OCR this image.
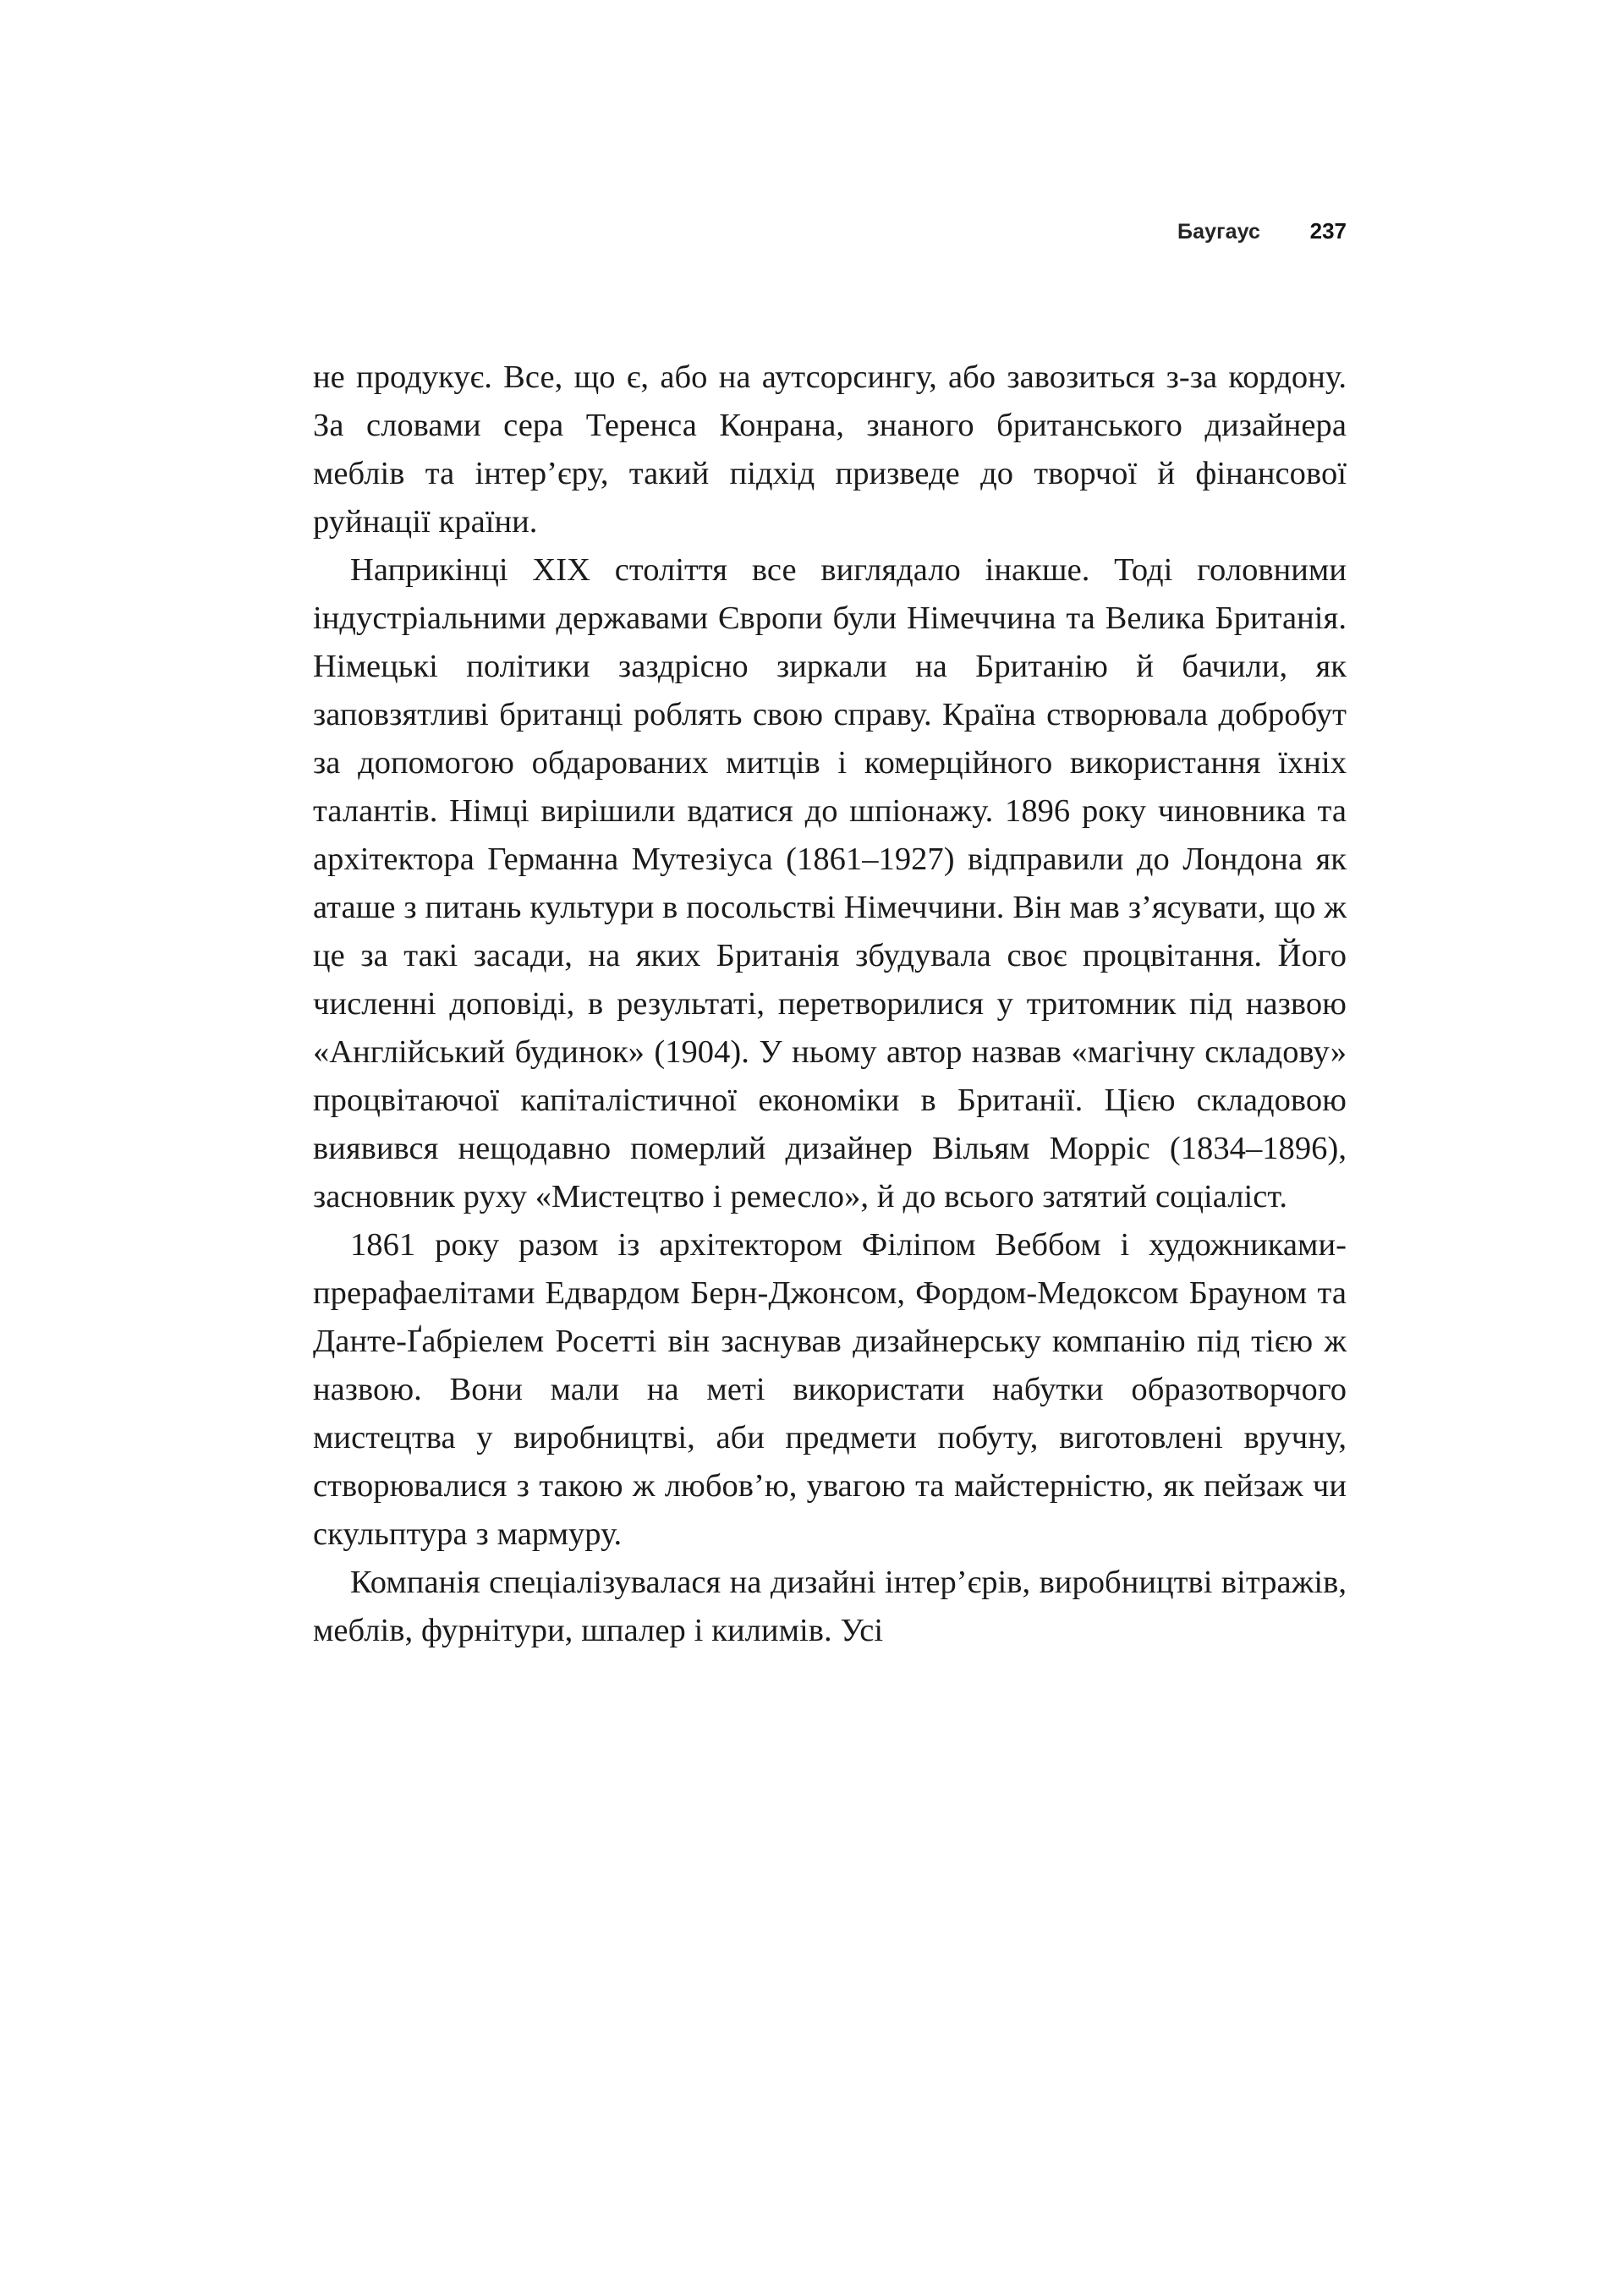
Баугаус 237

не продукує. Все, що є, або на аутсорсингу, або завозиться з-за кордону. За словами сера Теренса Конрана, знаного британського дизайнера меблів та інтер’єру, такий підхід призведе до творчої й фінансової руйнації країни.

Наприкінці XIX століття все виглядало інакше. Тоді головними індустріальними державами Європи були Німеччина та Велика Британія. Німецькі політики заздрісно зиркали на Британію й бачили, як заповзятливі британці роблять свою справу. Країна створювала добробут за допомогою обдарованих митців і комерційного використання їхніх талантів. Німці вирішили вдатися до шпіонажу. 1896 року чиновника та архітектора Германна Мутезіуса (1861–1927) відправили до Лондона як аташе з питань культури в посольстві Німеччини. Він мав з’ясувати, що ж це за такі засади, на яких Британія збудувала своє процвітання. Його численні доповіді, в результаті, перетворилися у тритомник під назвою «Англійський будинок» (1904). У ньому автор назвав «магічну складову» процвітаючої капіталістичної економіки в Британії. Цією складовою виявився нещодавно померлий дизайнер Вільям Морріс (1834–1896), засновник руху «Мистецтво і ремесло», й до всього затятий соціаліст.

1861 року разом із архітектором Філіпом Веббом і художниками-прерафаелітами Едвардом Берн-Джонсом, Фордом-Медоксом Брауном та Данте-Ґабріелем Росетті він заснував дизайнерську компанію під тією ж назвою. Вони мали на меті використати набутки образотворчого мистецтва у виробництві, аби предмети побуту, виготовлені вручну, створювалися з такою ж любов’ю, увагою та майстерністю, як пейзаж чи скульптура з мармуру.

Компанія спеціалізувалася на дизайні інтер’єрів, виробництві вітражів, меблів, фурнітури, шпалер і килимів. Усі
